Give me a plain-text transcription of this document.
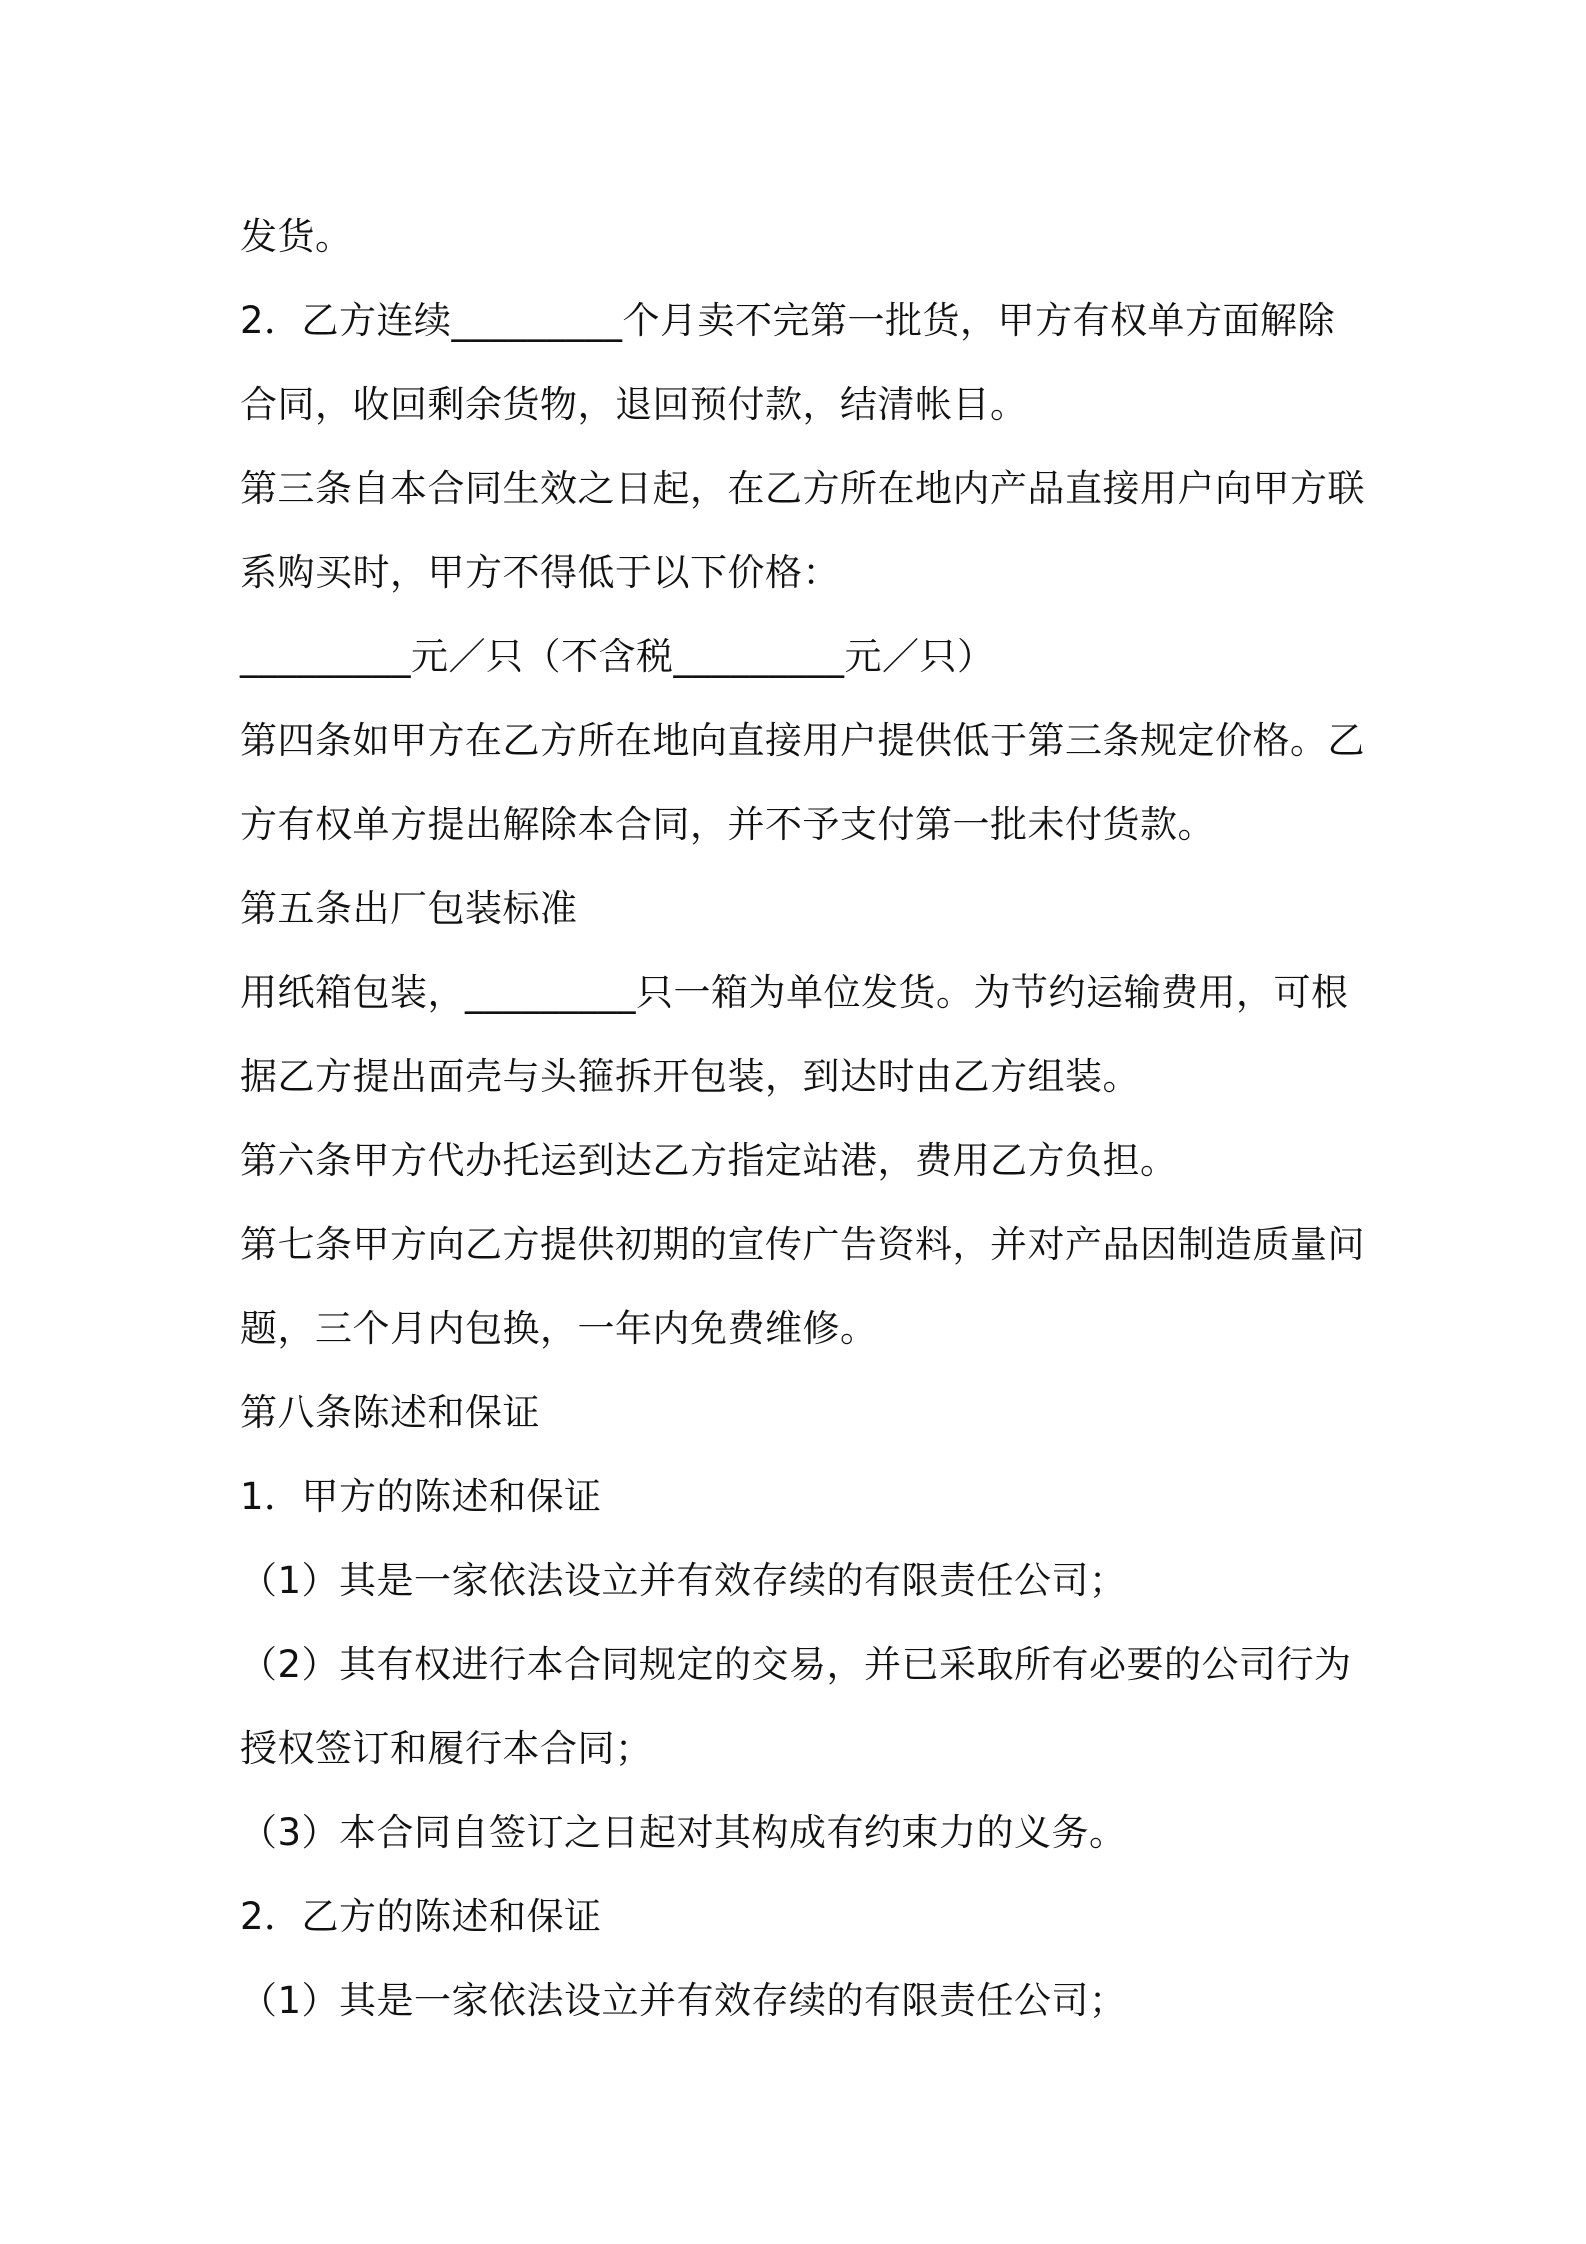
发货。
2．乙方连续_________个月卖不完第一批货，甲方有权单方面解除
合同，收回剩余货物，退回预付款，结清帐目。
第三条自本合同生效之日起，在乙方所在地内产品直接用户向甲方联
系购买时，甲方不得低于以下价格：
_________元／只（不含税_________元／只）
第四条如甲方在乙方所在地向直接用户提供低于第三条规定价格。乙
方有权单方提出解除本合同，并不予支付第一批未付货款。
第五条出厂包装标准
用纸箱包装，_________只一箱为单位发货。为节约运输费用，可根
据乙方提出面壳与头箍拆开包装，到达时由乙方组装。
第六条甲方代办托运到达乙方指定站港，费用乙方负担。
第七条甲方向乙方提供初期的宣传广告资料，并对产品因制造质量问
题，三个月内包换，一年内免费维修。
第八条陈述和保证
1．甲方的陈述和保证
（1）其是一家依法设立并有效存续的有限责任公司；
（2）其有权进行本合同规定的交易，并已采取所有必要的公司行为
授权签订和履行本合同；
（3）本合同自签订之日起对其构成有约束力的义务。
2．乙方的陈述和保证
（1）其是一家依法设立并有效存续的有限责任公司；
